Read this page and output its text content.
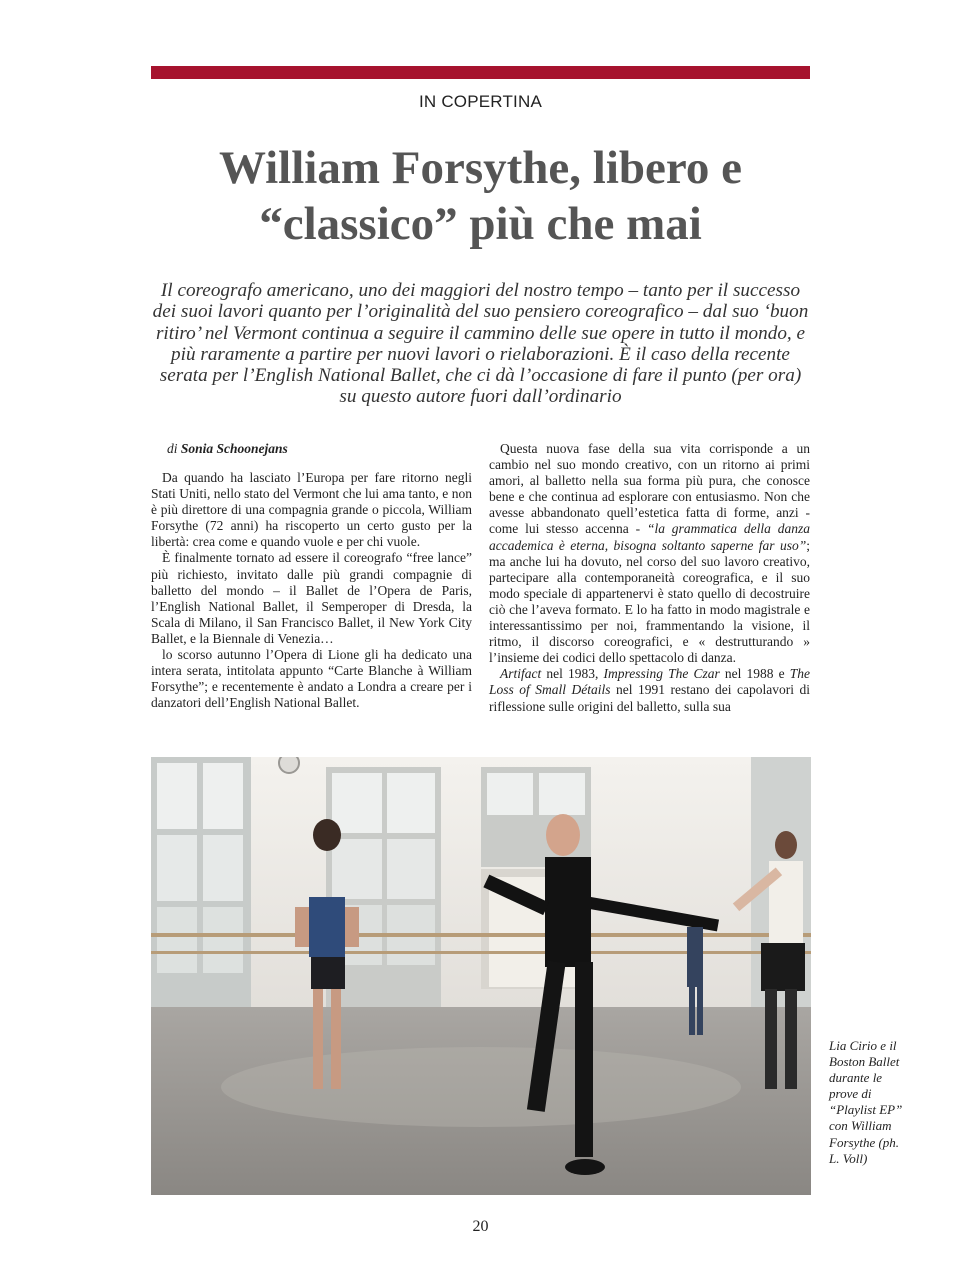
IN COPERTINA
William Forsythe, libero e
“classico” più che mai

Il coreografo americano, uno dei maggiori del nostro tempo – tanto per il successo dei suoi lavori quanto per l’originalità del suo pensiero coreografico – dal suo ‘buon ritiro’ nel Vermont continua a seguire il cammino delle sue opere in tutto il mondo, e più raramente a partire per nuovi lavori o rielaborazioni. È il caso della recente serata per l’English National Ballet, che ci dà l’occasione di fare il punto (per ora) su questo autore fuori dall’ordinario

di Sonia Schoonejans

Da quando ha lasciato l’Europa per fare ritorno negli Stati Uniti, nello stato del Vermont che lui ama tanto, e non è più direttore di una compagnia grande o piccola, William Forsythe (72 anni) ha riscoperto un certo gusto per la libertà: crea come e quando vuole e per chi vuole.

È finalmente tornato ad essere il coreografo “free lance” più richiesto, invitato dalle più grandi compagnie di balletto del mondo – il Ballet de l’Opera de Paris, l’English National Ballet, il Semperoper di Dresda, la Scala di Milano, il San Francisco Ballet, il New York City Ballet, e la Biennale di Venezia…

lo scorso autunno l’Opera di Lione gli ha dedicato una intera serata, intitolata appunto “Carte Blanche à William Forsythe”; e recentemente è andato a Londra a creare per i danzatori dell’English National Ballet.

Questa nuova fase della sua vita corrisponde a un cambio nel suo mondo creativo, con un ritorno ai primi amori, al balletto nella sua forma più pura, che conosce bene e che continua ad esplorare con entusiasmo. Non che avesse abbandonato quell’estetica fatta di forme, anzi - come lui stesso accenna - “la grammatica della danza accademica è eterna, bisogna soltanto saperne far uso”; ma anche lui ha dovuto, nel corso del suo lavoro creativo, partecipare alla contemporaneità coreografica, e il suo modo speciale di appartenervi è stato quello di decostruire ciò che l’aveva formato. E lo ha fatto in modo magistrale e interessantissimo per noi, frammentando la visione, il ritmo, il discorso coreografici, e « destrutturando » l’insieme dei codici dello spettacolo di danza.

Artifact nel 1983, Impressing The Czar nel 1988 e The Loss of Small Détails nel 1991 restano dei capolavori di riflessione sulle origini del balletto, sulla sua

Lia Cirio e il Boston Ballet durante le prove di “Playlist EP” con William Forsythe (ph. L. Voll)
20
